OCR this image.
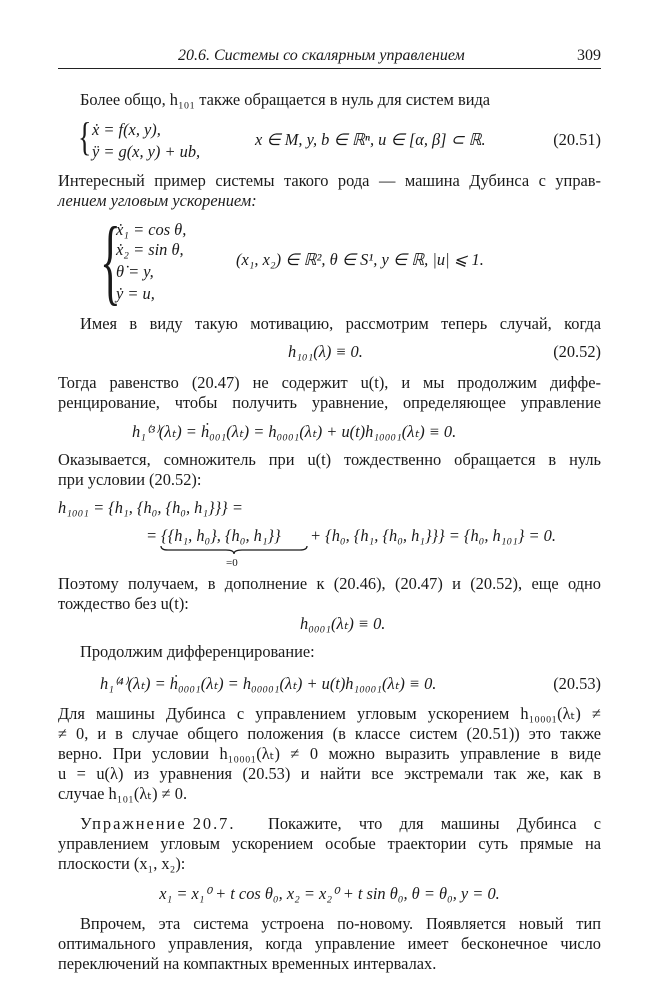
20.6. Системы со скалярным управлением	309
Более общо, h₁₀₁ также обращается в нуль для систем вида
{ ẋ = f(x, y),
ÿ = g(x, y) + ub,
x ∈ M, y, b ∈ ℝⁿ, u ∈ [α, β] ⊂ ℝ.	(20.51)
Интересный пример системы такого рода — машина Дубинса с управ-
лением угловым ускорением:
{
ẋ₁ = cos θ,
ẋ₂ = sin θ,
θ̇ = y,
ẏ = u,
(x₁, x₂) ∈ ℝ², θ ∈ S¹, y ∈ ℝ, |u| ⩽ 1.
Имея в виду такую мотивацию, рассмотрим теперь случай, когда
h₁₀₁(λ) ≡ 0.	(20.52)
Тогда равенство (20.47) не содержит u(t), и мы продолжим диффе-
ренцирование, чтобы получить уравнение, определяющее управление
h₁⁽³⁾(λₜ) = ḣ₀₀₁(λₜ) = h₀₀₀₁(λₜ) + u(t)h₁₀₀₀₁(λₜ) ≡ 0.
Оказывается, сомножитель при u(t) тождественно обращается в нуль
при условии (20.52):
h₁₀₀₁ = {h₁, {h₀, {h₀, h₁}}} =
= {{h₁, h₀}, {h₀, h₁}}	+ {h₀, {h₁, {h₀, h₁}}} = {h₀, h₁₀₁} = 0.
=0
Поэтому получаем, в дополнение к (20.46), (20.47) и (20.52), еще одно
тождество без u(t):
h₀₀₀₁(λₜ) ≡ 0.
Продолжим дифференцирование:
h₁⁽⁴⁾(λₜ) = ḣ₀₀₀₁(λₜ) = h₀₀₀₀₁(λₜ) + u(t)h₁₀₀₀₁(λₜ) ≡ 0.	(20.53)
Для машины Дубинса с управлением угловым ускорением h₁₀₀₀₁(λₜ) ≠
≠ 0, и в случае общего положения (в классе систем (20.51)) это также
верно. При условии h₁₀₀₀₁(λₜ) ≠ 0 можно выразить управление в виде
u = u(λ) из уравнения (20.53) и найти все экстремали так же, как в
случае h₁₀₁(λₜ) ≠ 0.
Упражнение 20.7. Покажите, что для машины Дубинса с
управлением угловым ускорением особые траектории суть прямые на
плоскости (x₁, x₂):
x₁ = x₁⁰ + t cos θ₀, x₂ = x₂⁰ + t sin θ₀, θ = θ₀, y = 0.
Впрочем, эта система устроена по-новому. Появляется новый тип
оптимального управления, когда управление имеет бесконечное число
переключений на компактных временных интервалах.
